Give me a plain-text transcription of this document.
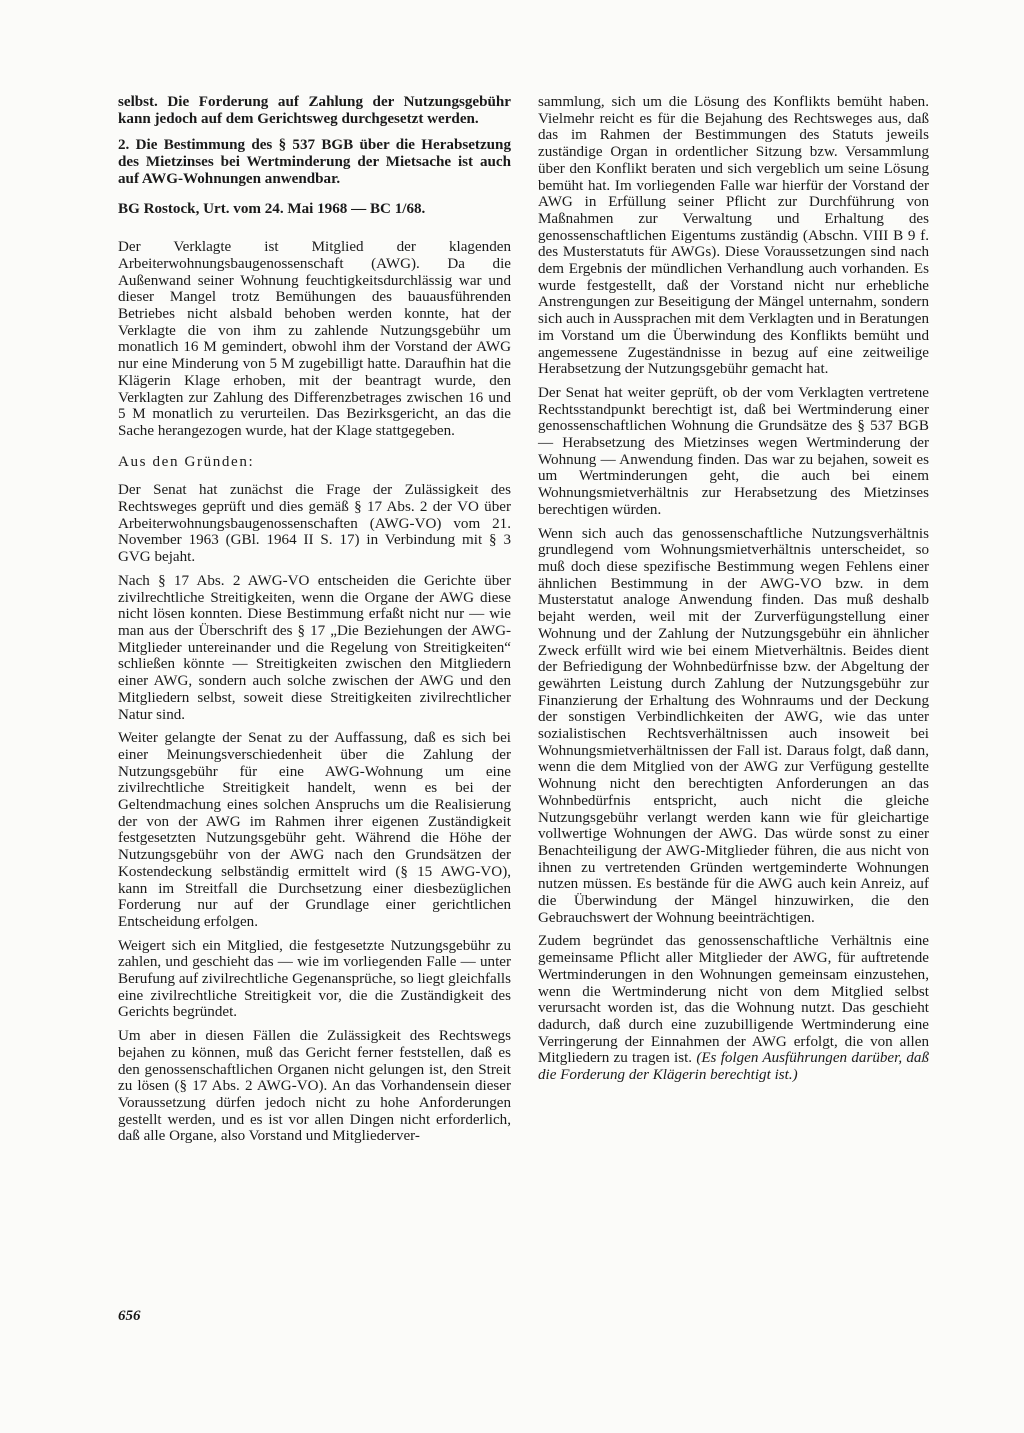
selbst. Die Forderung auf Zahlung der Nutzungsgebühr kann jedoch auf dem Gerichtsweg durchgesetzt werden.

2. Die Bestimmung des § 537 BGB über die Herabsetzung des Mietzinses bei Wertminderung der Mietsache ist auch auf AWG-Wohnungen anwendbar.

BG Rostock, Urt. vom 24. Mai 1968 — BC 1/68.

Der Verklagte ist Mitglied der klagenden Arbeiterwohnungsbaugenossenschaft (AWG). Da die Außenwand seiner Wohnung feuchtigkeitsdurchlässig war und dieser Mangel trotz Bemühungen des bauausführenden Betriebes nicht alsbald behoben werden konnte, hat der Verklagte die von ihm zu zahlende Nutzungsgebühr um monatlich 16 M gemindert, obwohl ihm der Vorstand der AWG nur eine Minderung von 5 M zugebilligt hatte. Daraufhin hat die Klägerin Klage erhoben, mit der beantragt wurde, den Verklagten zur Zahlung des Differenzbetrages zwischen 16 und 5 M monatlich zu verurteilen. Das Bezirksgericht, an das die Sache herangezogen wurde, hat der Klage stattgegeben.

Aus den Gründen:

Der Senat hat zunächst die Frage der Zulässigkeit des Rechtsweges geprüft und dies gemäß § 17 Abs. 2 der VO über Arbeiterwohnungsbaugenossenschaften (AWG-VO) vom 21. November 1963 (GBl. 1964 II S. 17) in Verbindung mit § 3 GVG bejaht.

Nach § 17 Abs. 2 AWG-VO entscheiden die Gerichte über zivilrechtliche Streitigkeiten, wenn die Organe der AWG diese nicht lösen konnten. Diese Bestimmung erfaßt nicht nur — wie man aus der Überschrift des § 17 „Die Beziehungen der AWG-Mitglieder untereinander und die Regelung von Streitigkeiten“ schließen könnte — Streitigkeiten zwischen den Mitgliedern einer AWG, sondern auch solche zwischen der AWG und den Mitgliedern selbst, soweit diese Streitigkeiten zivilrechtlicher Natur sind.

Weiter gelangte der Senat zu der Auffassung, daß es sich bei einer Meinungsverschiedenheit über die Zahlung der Nutzungsgebühr für eine AWG-Wohnung um eine zivilrechtliche Streitigkeit handelt, wenn es bei der Geltendmachung eines solchen Anspruchs um die Realisierung der von der AWG im Rahmen ihrer eigenen Zuständigkeit festgesetzten Nutzungsgebühr geht. Während die Höhe der Nutzungsgebühr von der AWG nach den Grundsätzen der Kostendeckung selbständig ermittelt wird (§ 15 AWG-VO), kann im Streitfall die Durchsetzung einer diesbezüglichen Forderung nur auf der Grundlage einer gerichtlichen Entscheidung erfolgen.

Weigert sich ein Mitglied, die festgesetzte Nutzungsgebühr zu zahlen, und geschieht das — wie im vorliegenden Falle — unter Berufung auf zivilrechtliche Gegenansprüche, so liegt gleichfalls eine zivilrechtliche Streitigkeit vor, die die Zuständigkeit des Gerichts begründet.

Um aber in diesen Fällen die Zulässigkeit des Rechtswegs bejahen zu können, muß das Gericht ferner feststellen, daß es den genossenschaftlichen Organen nicht gelungen ist, den Streit zu lösen (§ 17 Abs. 2 AWG-VO). An das Vorhandensein dieser Voraussetzung dürfen jedoch nicht zu hohe Anforderungen gestellt werden, und es ist vor allen Dingen nicht erforderlich, daß alle Organe, also Vorstand und Mitgliederver-

sammlung, sich um die Lösung des Konflikts bemüht haben. Vielmehr reicht es für die Bejahung des Rechtsweges aus, daß das im Rahmen der Bestimmungen des Statuts jeweils zuständige Organ in ordentlicher Sitzung bzw. Versammlung über den Konflikt beraten und sich vergeblich um seine Lösung bemüht hat. Im vorliegenden Falle war hierfür der Vorstand der AWG in Erfüllung seiner Pflicht zur Durchführung von Maßnahmen zur Verwaltung und Erhaltung des genossenschaftlichen Eigentums zuständig (Abschn. VIII B 9 f. des Musterstatuts für AWGs). Diese Voraussetzungen sind nach dem Ergebnis der mündlichen Verhandlung auch vorhanden. Es wurde festgestellt, daß der Vorstand nicht nur erhebliche Anstrengungen zur Beseitigung der Mängel unternahm, sondern sich auch in Aussprachen mit dem Verklagten und in Beratungen im Vorstand um die Überwindung des Konflikts bemüht und angemessene Zugeständnisse in bezug auf eine zeitweilige Herabsetzung der Nutzungsgebühr gemacht hat.

Der Senat hat weiter geprüft, ob der vom Verklagten vertretene Rechtsstandpunkt berechtigt ist, daß bei Wertminderung einer genossenschaftlichen Wohnung die Grundsätze des § 537 BGB — Herabsetzung des Mietzinses wegen Wertminderung der Wohnung — Anwendung finden. Das war zu bejahen, soweit es um Wertminderungen geht, die auch bei einem Wohnungsmietverhältnis zur Herabsetzung des Mietzinses berechtigen würden.

Wenn sich auch das genossenschaftliche Nutzungsverhältnis grundlegend vom Wohnungsmietverhältnis unterscheidet, so muß doch diese spezifische Bestimmung wegen Fehlens einer ähnlichen Bestimmung in der AWG-VO bzw. in dem Musterstatut analoge Anwendung finden. Das muß deshalb bejaht werden, weil mit der Zurverfügungstellung einer Wohnung und der Zahlung der Nutzungsgebühr ein ähnlicher Zweck erfüllt wird wie bei einem Mietverhältnis. Beides dient der Befriedigung der Wohnbedürfnisse bzw. der Abgeltung der gewährten Leistung durch Zahlung der Nutzungsgebühr zur Finanzierung der Erhaltung des Wohnraums und der Deckung der sonstigen Verbindlichkeiten der AWG, wie das unter sozialistischen Rechtsverhältnissen auch insoweit bei Wohnungsmietverhältnissen der Fall ist. Daraus folgt, daß dann, wenn die dem Mitglied von der AWG zur Verfügung gestellte Wohnung nicht den berechtigten Anforderungen an das Wohnbedürfnis entspricht, auch nicht die gleiche Nutzungsgebühr verlangt werden kann wie für gleichartige vollwertige Wohnungen der AWG. Das würde sonst zu einer Benachteiligung der AWG-Mitglieder führen, die aus nicht von ihnen zu vertretenden Gründen wertgeminderte Wohnungen nutzen müssen. Es bestände für die AWG auch kein Anreiz, auf die Überwindung der Mängel hinzuwirken, die den Gebrauchswert der Wohnung beeinträchtigen.

Zudem begründet das genossenschaftliche Verhältnis eine gemeinsame Pflicht aller Mitglieder der AWG, für auftretende Wertminderungen in den Wohnungen gemeinsam einzustehen, wenn die Wertminderung nicht von dem Mitglied selbst verursacht worden ist, das die Wohnung nutzt. Das geschieht dadurch, daß durch eine zuzubilligende Wertminderung eine Verringerung der Einnahmen der AWG erfolgt, die von allen Mitgliedern zu tragen ist. (Es folgen Ausführungen darüber, daß die Forderung der Klägerin berechtigt ist.)

656
